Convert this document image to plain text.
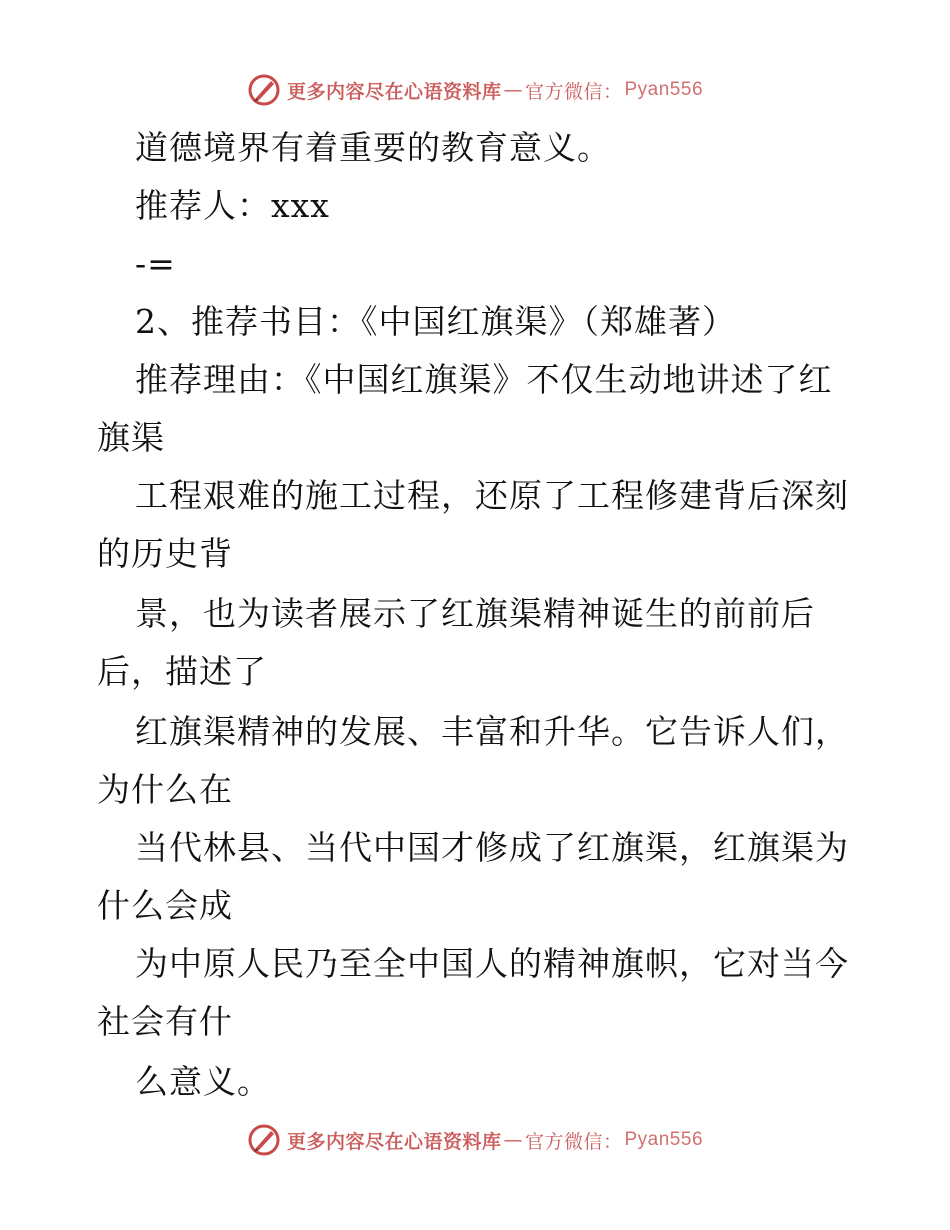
更多内容尽在心语资料库 — 官方微信： Pyan556
道德境界有着重要的教育意义。
推荐人：xxx
-=
2、推荐书目：《中国红旗渠》（郑雄著）
推荐理由：《中国红旗渠》不仅生动地讲述了红
旗渠
工程艰难的施工过程，还原了工程修建背后深刻
的历史背
景，也为读者展示了红旗渠精神诞生的前前后
后，描述了
红旗渠精神的发展、丰富和升华。它告诉人们，
为什么在
当代林县、当代中国才修成了红旗渠，红旗渠为
什么会成
为中原人民乃至全中国人的精神旗帜，它对当今
社会有什
么意义。
更多内容尽在心语资料库 — 官方微信： Pyan556
